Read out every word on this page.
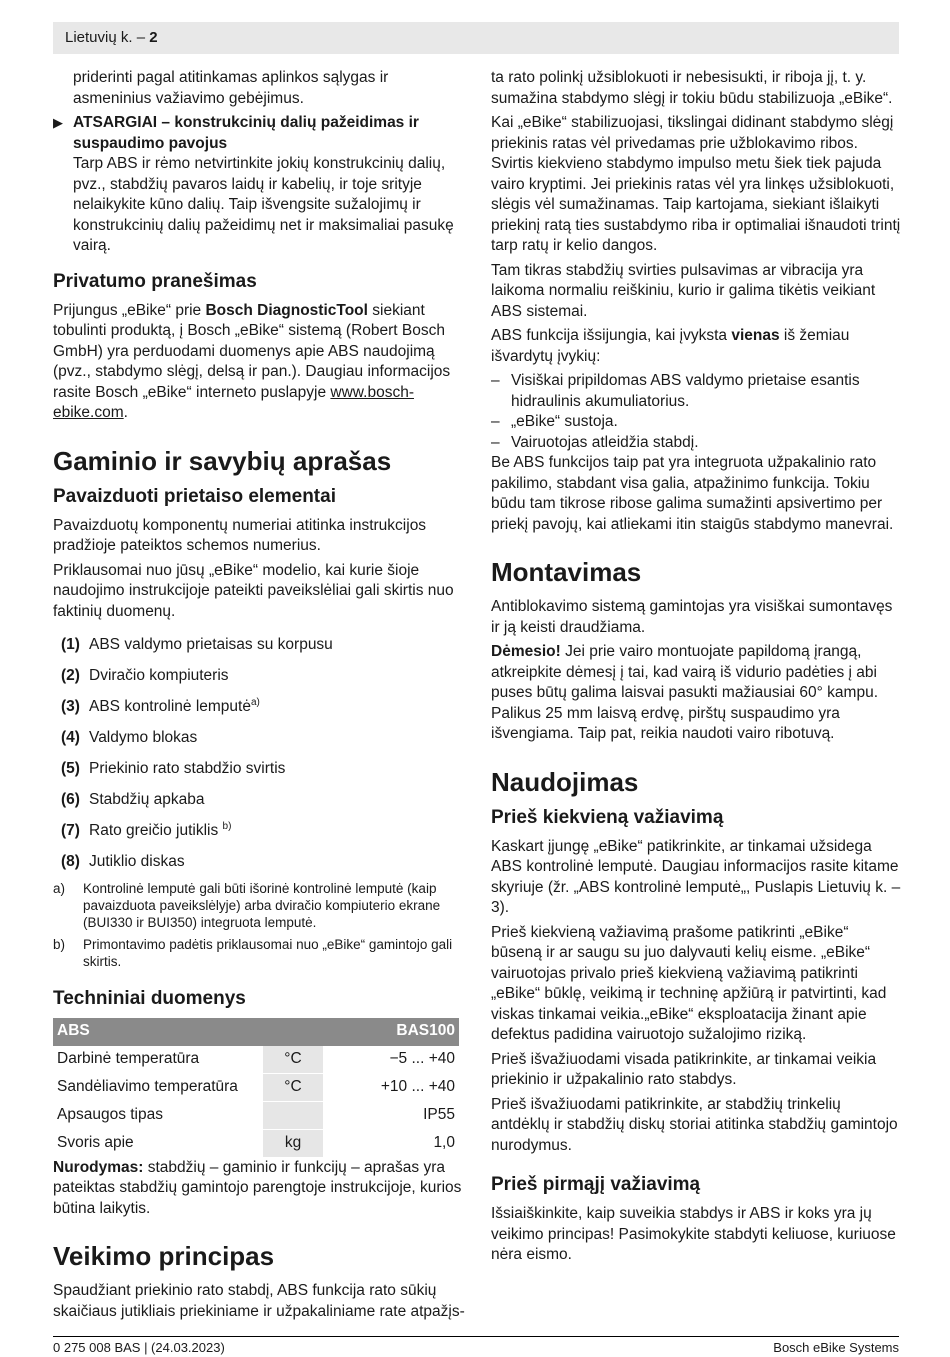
Lietuvių k. – 2

priderinti pagal atitinkamas aplinkos sąlygas ir asmeninius važiavimo gebėjimus.

▶ ATSARGIAI – konstrukcinių dalių pažeidimas ir suspaudimo pavojus
Tarp ABS ir rėmo netvirtinkite jokių konstrukcinių dalių, pvz., stabdžių pavaros laidų ir kabelių, ir toje srityje nelaikykite kūno dalių. Taip išvengsite sužalojimų ir konstrukcinių dalių pažeidimų net ir maksimaliai pasukę vairą.
Privatumo pranešimas

Prijungus „eBike“ prie Bosch DiagnosticTool siekiant tobulinti produktą, į Bosch „eBike“ sistemą (Robert Bosch GmbH) yra perduodami duomenys apie ABS naudojimą (pvz., stabdymo slėgį, delsą ir pan.). Daugiau informacijos rasite Bosch „eBike“ interneto puslapyje www.bosch-ebike.com.

Gaminio ir savybių aprašas
Pavaizduoti prietaiso elementai

Pavaizduotų komponentų numeriai atitinka instrukcijos pradžioje pateiktos schemos numerius.

Priklausomai nuo jūsų „eBike“ modelio, kai kurie šioje naudojimo instrukcijoje pateikti paveikslėliai gali skirtis nuo faktinių duomenų.

(1) ABS valdymo prietaisas su korpusu
(2) Dviračio kompiuteris
(3) ABS kontrolinė lemputė$^{a)}$
(4) Valdymo blokas
(5) Priekinio rato stabdžio svirtis
(6) Stabdžių apkaba
(7) Rato greičio jutiklis $^{b)}$
(8) Jutiklio diskas
a) Kontrolinė lemputė gali būti išorinė kontrolinė lemputė (kaip pavaizduota paveikslėlyje) arba dviračio kompiuterio ekrane (BUI330 ir BUI350) integruota lemputė.
b) Primontavimo padėtis priklausomai nuo „eBike“ gamintojo gali skirtis.
Techniniai duomenys
ABS		BAS100
Darbinė temperatūra	°C	−5 ... +40
Sandėliavimo temperatūra	°C	+10 ... +40
Apsaugos tipas		IP55
Svoris apie	kg	1,0

Nurodymas: stabdžių – gaminio ir funkcijų – aprašas yra pateiktas stabdžių gamintojo parengtoje instrukcijoje, kurios būtina laikytis.

Veikimo principas

Spaudžiant priekinio rato stabdį, ABS funkcija rato sūkių skaičiaus jutikliais priekiniame ir užpakaliniame rate atpažįs-

ta rato polinkį užsiblokuoti ir nebesisukti, ir riboja jį, t. y. sumažina stabdymo slėgį ir tokiu būdu stabilizuoja „eBike“.

Kai „eBike“ stabilizuojasi, tikslingai didinant stabdymo slėgį priekinis ratas vėl privedamas prie užblokavimo ribos. Svirtis kiekvieno stabdymo impulso metu šiek tiek pajuda vairo kryptimi. Jei priekinis ratas vėl yra linkęs užsiblokuoti, slėgis vėl sumažinamas. Taip kartojama, siekiant išlaikyti priekinį ratą ties sustabdymo riba ir optimaliai išnaudoti trintį tarp ratų ir kelio dangos.

Tam tikras stabdžių svirties pulsavimas ar vibracija yra laikoma normaliu reiškiniu, kurio ir galima tikėtis veikiant ABS sistemai.

ABS funkcija išsijungia, kai įvykstа vienas iš žemiau išvardytų įvykių:

– Visiškai pripildomas ABS valdymo prietaise esantis hidraulinis akumuliatorius.
– „eBike“ sustoja.
– Vairuotojas atleidžia stabdį.

Be ABS funkcijos taip pat yra integruota užpakalinio rato pakilimo, stabdant visa galia, atpažinimo funkcija. Tokiu būdu tam tikrose ribose galima sumažinti apsivertimo per priekį pavojų, kai atliekami itin staigūs stabdymo manevrai.

Montavimas

Antiblokavimo sistemą gamintojas yra visiškai sumontavęs ir ją keisti draudžiama.

Dėmesio! Jei prie vairo montuojate papildomą įrangą, atkreipkite dėmesį į tai, kad vairą iš vidurio padėties į abi puses būtų galima laisvai pasukti mažiausiai 60° kampu. Palikus 25 mm laisvą erdvę, pirštų suspaudimo yra išvengiama. Taip pat, reikia naudoti vairo ribotuvą.

Naudojimas
Prieš kiekvieną važiavimą

Kaskart įjungę „eBike“ patikrinkite, ar tinkamai užsidega ABS kontrolinė lemputė. Daugiau informacijos rasite kitame skyriuje (žr. „ABS kontrolinė lemputė„, Puslapis Lietuvių k. – 3).

Prieš kiekvieną važiavimą prašome patikrinti „eBike“ būseną ir ar saugu su juo dalyvauti kelių eisme. „eBike“ vairuotojas privalo prieš kiekvieną važiavimą patikrinti „eBike“ būklę, veikimą ir techninę apžiūrą ir patvirtinti, kad viskas tinkamai veikia.„eBike“ eksploatacija žinant apie defektus padidina vairuotojo sužalojimo riziką.

Prieš išvažiuodami visada patikrinkite, ar tinkamai veikia priekinio ir užpakalinio rato stabdys.

Prieš išvažiuodami patikrinkite, ar stabdžių trinkelių antdėklų ir stabdžių diskų storiai atitinka stabdžių gamintojo nurodymus.

Prieš pirmąjį važiavimą

Išsiaiškinkite, kaip suveikia stabdys ir ABS ir koks yra jų veikimo principas! Pasimokykite stabdyti keliuose, kuriuose nėra eismo.

0 275 008 BAS | (24.03.2023)	Bosch eBike Systems
